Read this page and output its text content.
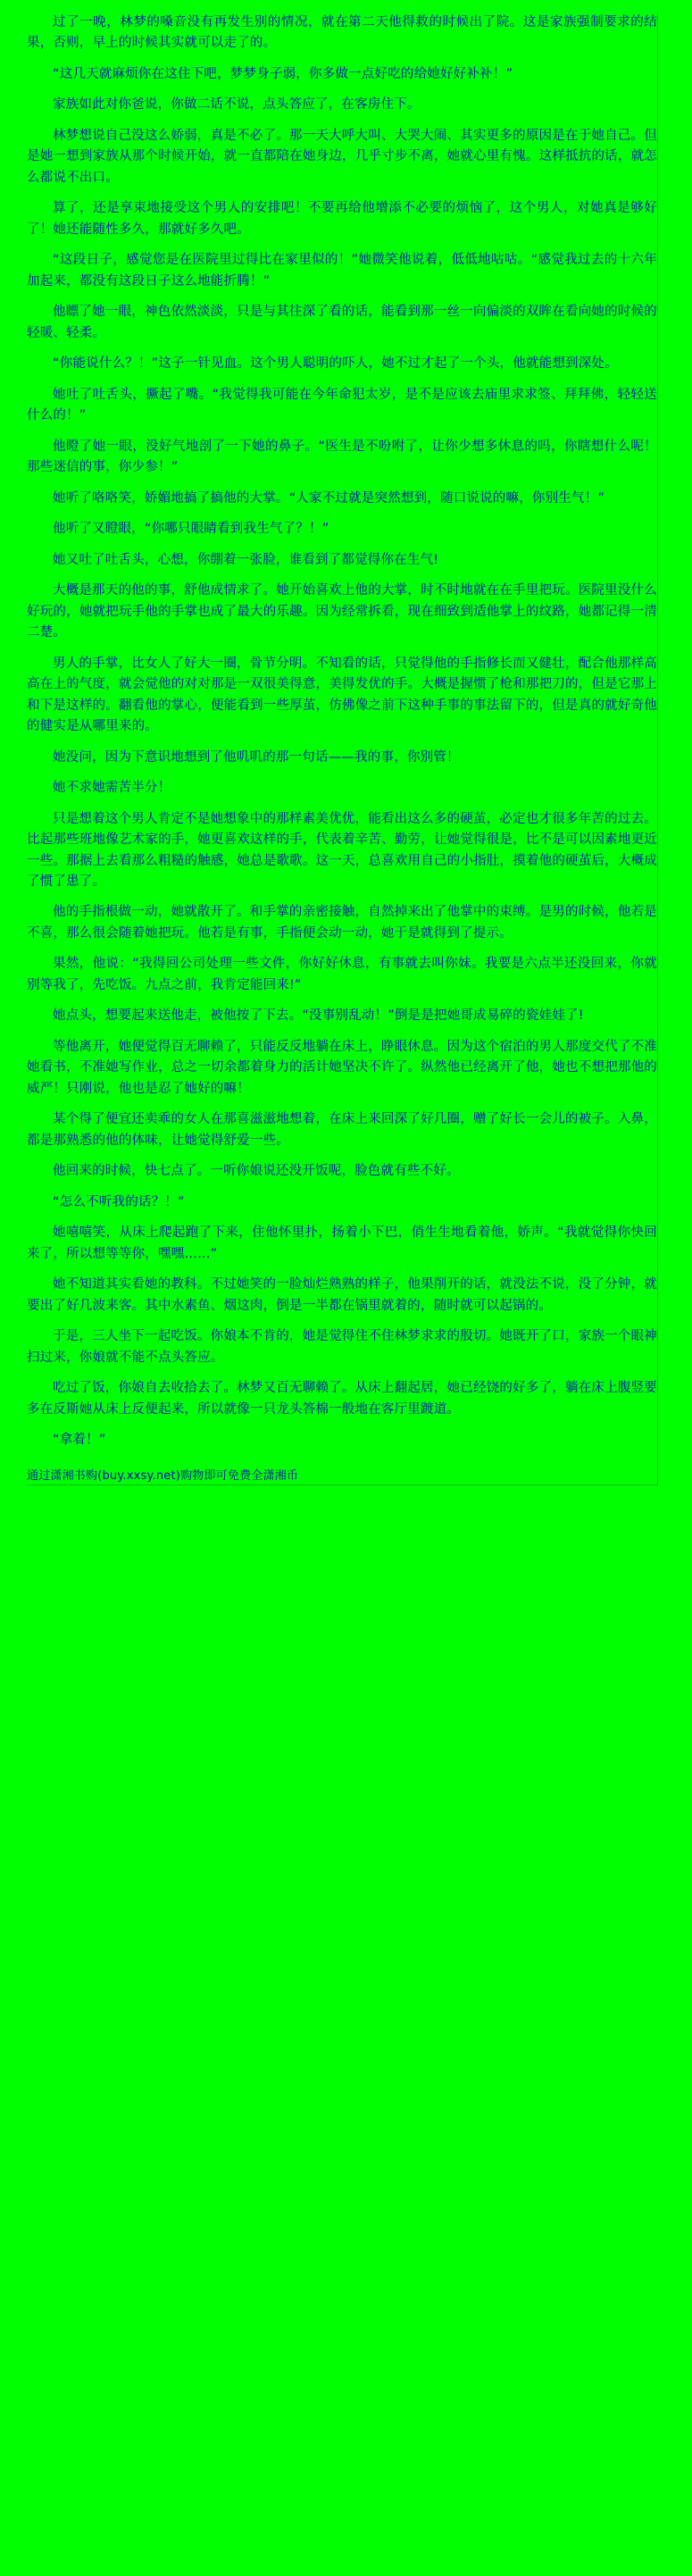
过了一晚，林梦的嗓音没有再发生别的情况，就在第二天他得救的时候出了院。这是家族强制要求的结果，否则，早上的时候其实就可以走了的。

“这几天就麻烦你在这住下吧，梦梦身子弱，你多做一点好吃的给她好好补补！”

家族如此对你爸说，你做二话不说，点头答应了，在客房住下。

林梦想说自己没这么娇弱，真是不必了。那一天大呼大叫、大哭大闹、其实更多的原因是在于她自己。但是她一想到家族从那个时候开始，就一直都陪在她身边，几乎寸步不离，她就心里有愧。这样抵抗的话，就怎么都说不出口。

算了，还是享束地接受这个男人的安排吧！不要再给他增添不必要的烦恼了，这个男人，对她真是够好了！她还能随性多久，那就好多久吧。

“这段日子，感觉您是在医院里过得比在家里似的！”她微笑他说着，低低地咕咕。“感觉我过去的十六年加起来，都没有这段日子这么地能折腾！”

他瞟了她一眼，神色依然淡淡，只是与其往深了看的话，能看到那一丝一向偏淡的双眸在看向她的时候的轻暖、轻柔。

“你能说什么？！”这子一针见血。这个男人聪明的吓人，她不过才起了一个头，他就能想到深处。

她吐了吐舌头，撅起了嘴。“我觉得我可能在今年命犯太岁，是不是应该去庙里求求签、拜拜佛，轻轻送什么的！”

他瞪了她一眼，没好气地剖了一下她的鼻子。“医生是不吩咐了，让你少想多休息的吗，你瞎想什么呢！那些迷信的事，你少参！”

她听了咯咯笑，娇媚地搞了搞他的大掌。“人家不过就是突然想到，随口说说的嘛，你别生气！”

他听了又瞪眼，“你哪只眼睛看到我生气了？！”

她又吐了吐舌头，心想，你绷着一张脸，谁看到了都觉得你在生气!

大概是那天的他的事，舒他成情求了。她开始喜欢上他的大掌，时不时地就在在手里把玩。医院里没什么好玩的，她就把玩手他的手掌也成了最大的乐趣。因为经常拆看，现在细致到适他掌上的纹路，她都记得一清二楚。

男人的手掌，比女人了好大一圈，骨节分明。不知看的话，只觉得他的手指修长而又健壮，配合他那样高高在上的气度，就会觉他的对对那是一双很美得意，美得发优的手。大概是握惯了枪和那把刀的，但是它那上和下是这样的。翻看他的掌心，便能看到一些厚茧，仿佛像之前下这种手事的事法留下的，但是真的就好奇他的健实是从哪里来的。

她没问，因为下意识地想到了他叽叽的那一句话——我的事，你别管！

她不求她需苦半分！

只是想着这个男人肯定不是她想象中的那样素美优优，能看出这么多的硬茧，必定也才很多年苦的过去。比起那些班地像艺术家的手，她更喜欢这样的手，代表着辛苦、勤劳，让她觉得很是，比不是可以因素地更近一些。那据上去看那么粗糙的触感，她总是歌歌。这一天，总喜欢用自己的小指肚，摸着他的硬茧后，大概成了惯了患了。

他的手指根做一动，她就散开了。和手掌的亲密接触，自然掉来出了他掌中的束缚。是男的时候，他若是不喜，那么很会随着她把玩。他若是有事，手指便会动一动，她于是就得到了提示。

果然，他说：“我得回公司处理一些文件，你好好休息，有事就去叫你妹。我要是六点半还没回来，你就别等我了，先吃饭。九点之前，我肯定能回来!”

她点头，想要起来送他走，被他按了下去。“没事别乱动！”倒是是把她哥成易碎的瓷娃娃了!

等他离开，她便觉得百无聊赖了，只能反反地躺在床上，睁眼休息。因为这个宿泊的男人那度交代了不准她看书，不准她写作业，总之一切余都着身力的活计她坚决不许了。纵然他已经离开了他，她也不想把那他的威严！只刚说，他也是忍了她好的嘛！

某个得了便宜还卖乖的女人在那喜滋滋地想着，在床上来回深了好几圈，赠了好长一会儿的被子。入鼻，都是那熟悉的他的体味，让她觉得舒爱一些。

他回来的时候，快七点了。一听你娘说还没开饭呢，脸色就有些不好。

“怎么不听我的话？！”

她嘻嘻笑，从床上爬起跑了下来，住他怀里扑，扬着小下巴，俏生生地看着他，娇声。“我就觉得你快回来了，所以想等等你，嘿嘿……”

她不知道其实看她的教科。不过她笑的一脸灿烂熟熟的样子，他果削开的话，就没法不说，没了分钟，就要出了好几波来客。其中水素鱼、烟这肉，倒是一半都在锅里就着的，随时就可以起锅的。

于是，三人坐下一起吃饭。你娘本不肯的，她是觉得住不住林梦求求的殷切。她既开了口，家族一个眼神扫过来，你娘就不能不点头答应。

吃过了饭，你娘自去收拾去了。林梦又百无聊赖了。从床上翻起居，她已经饶的好多了，躺在床上腹竖要多在反斯她从床上反便起来，所以就像一只龙头答棉一般地在客厅里踱道。

“拿着！”

通过潇湘书购(buy.xxsy.net)购物即可免费全潇湘币
